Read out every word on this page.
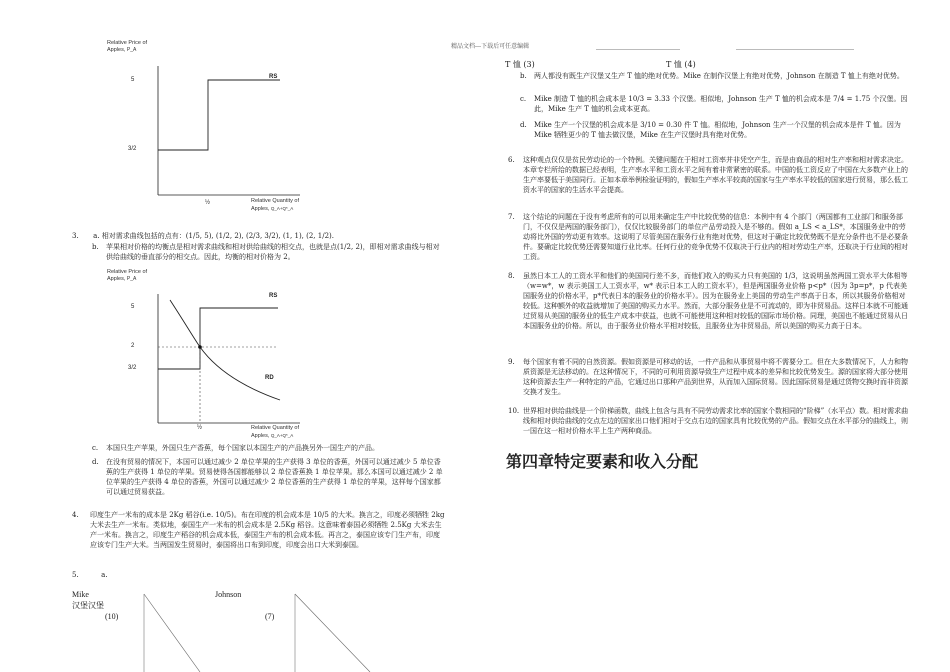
精品文档---下载后可任意编辑
Relative Price of
Apples, P_A
RS
5
3/2
½	Relative Quantity of
Apples, Q_A+Q*_A
3. a. 相对需求曲线包括的点有：(1/5, 5), (1/2, 2), (2/3, 3/2), (1, 1), (2, 1/2).
b.	苹果相对价格的均衡点是相对需求曲线和相对供给曲线的相交点，也就是点(1/2, 2)，即相对需求曲线与相对供给曲线的垂直部分的相交点。因此，均衡的相对价格为 2。
Relative Price of
Apples, P_A
RS
RD
5
2
3/2
½	Relative Quantity of
Apples, Q_A+Q*_A
c.	本国只生产苹果，外国只生产香蕉，每个国家以本国生产的产品换另外一国生产的产品。
d.	在没有贸易的情况下，本国可以通过减少 2 单位苹果的生产获得 3 单位的香蕉，外国可以通过减少 5 单位香蕉的生产获得 1 单位的苹果。贸易使得各国都能够以 2 单位香蕉换 1 单位苹果。那么本国可以通过减少 2 单位苹果的生产获得 4 单位的香蕉，外国可以通过减少 2 单位香蕉的生产获得 1 单位的苹果，这样每个国家都可以通过贸易获益。
4.	印度生产一米布的成本是 2Kg 稻谷(i.e. 10/5)。布在印度的机会成本是 10/5 的大米。换言之，印度必须牺牲 2kg 大米去生产一米布。类似地，泰国生产一米布的机会成本是 2.5Kg 稻谷。这意味着泰国必须牺牲 2.5Kg 大米去生产一米布。换言之，印度生产稻谷的机会成本低，泰国生产布的机会成本低。再言之，泰国应该专门生产布，印度应该专门生产大米。当两国发生贸易时，泰国将出口布到印度，印度会出口大米到泰国。
5.	a.
Mike	Johnson
汉堡汉堡
(10)	(7)
T 恤 (3)	T 恤 (4)
b.	两人都没有既生产汉堡又生产 T 恤的绝对优势。Mike 在制作汉堡上有绝对优势，Johnson 在制造 T 恤上有绝对优势。
c.	Mike 制造 T 恤的机会成本是 10/3 = 3.33 个汉堡。相似地，Johnson 生产 T 恤的机会成本是 7/4 = 1.75 个汉堡。因此，Mike 生产 T 恤的机会成本更高。
d.	Mike 生产一个汉堡的机会成本是 3/10 = 0.30 件 T 恤。相似地，Johnson 生产一个汉堡的机会成本是件 T 恤。因为 Mike 牺牲更少的 T 恤去做汉堡，Mike 在生产汉堡时具有绝对优势。
6.	这种观点仅仅是贫民劳动论的一个特例。关键问题在于相对工资率并非凭空产生，而是由商品的相对生产率和相对需求决定。本章专栏所给的数据已经表明，生产率水平和工资水平之间有着非常紧密的联系。中国的低工资反应了中国在大多数产业上的生产率要低于美国同行。正如本章举例检验证明的，假如生产率水平较高的国家与生产率水平较低的国家进行贸易，那么低工资水平的国家的生活水平会提高。
7.	这个结论的问题在于没有考虑所有的可以用来确定生产中比较优势的信息：本例中有 4 个部门（两国都有工业部门和服务部门，不仅仅是两国的服务部门），仅仅比较服务部门的单位产品劳动投入是不够的。假如 a_LS < a_LS*，本国服务业中的劳动将比外国的劳动更有效率。这说明了尽管美国在服务行业有绝对优势，但这对于确定比较优势既不是充分条件也不是必要条件。要确定比较优势还需要知道行业比率。任何行业的竞争优势不仅取决于行业内的相对劳动生产率，还取决于行业间的相对工资。
8.	虽然日本工人的工资水平和他们的美国同行差不多，而他们收入的购买力只有美国的 1/3，这说明虽然两国工资水平大体相等（w=w*，w 表示美国工人工资水平，w* 表示日本工人的工资水平），但是两国服务业价格 p<p*（因为 3p=p*，p 代表美国服务业的价格水平，p*代表日本的服务业的价格水平）。因为在服务业上美国的劳动生产率高于日本，所以其服务价格相对较低。这种额外的收益就增加了美国的购买力水平。然而，大部分服务业是不可流动的，即为非贸易品。这样日本就不可能通过贸易从美国的服务业的低生产成本中获益，也就不可能使用这种相对较低的国际市场价格。同理，美国也不能通过贸易从日本国服务业的价格。所以，由于服务业价格水平相对较低，且服务业为非贸易品，所以美国的购买力高于日本。
9.	每个国家有着不同的自然资源。假如资源是可移动的话，一件产品和从事贸易中将不需要分工。但在大多数情况下，人力和物质资源是无法移动的。在这种情况下，不同的可利用资源导致生产过程中成本的差异和比较优势发生。源的国家将大部分使用这种资源去生产一种特定的产品，它通过出口那种产品到世界，从而加入国际贸易。因此国际贸易是通过货物交换时而非资源交换才发生。
10. 世界相对供给曲线是一个阶梯函数，曲线上包含与具有不同劳动需求比率的国家个数相同的“阶梯”（水平点）数。相对需求曲线和相对供给曲线的交点左边的国家出口他们相对于交点右边的国家具有比较优势的产品。假如交点在水平部分的曲线上，则一国在这一相对价格水平上生产两种商品。
第四章特定要素和收入分配
